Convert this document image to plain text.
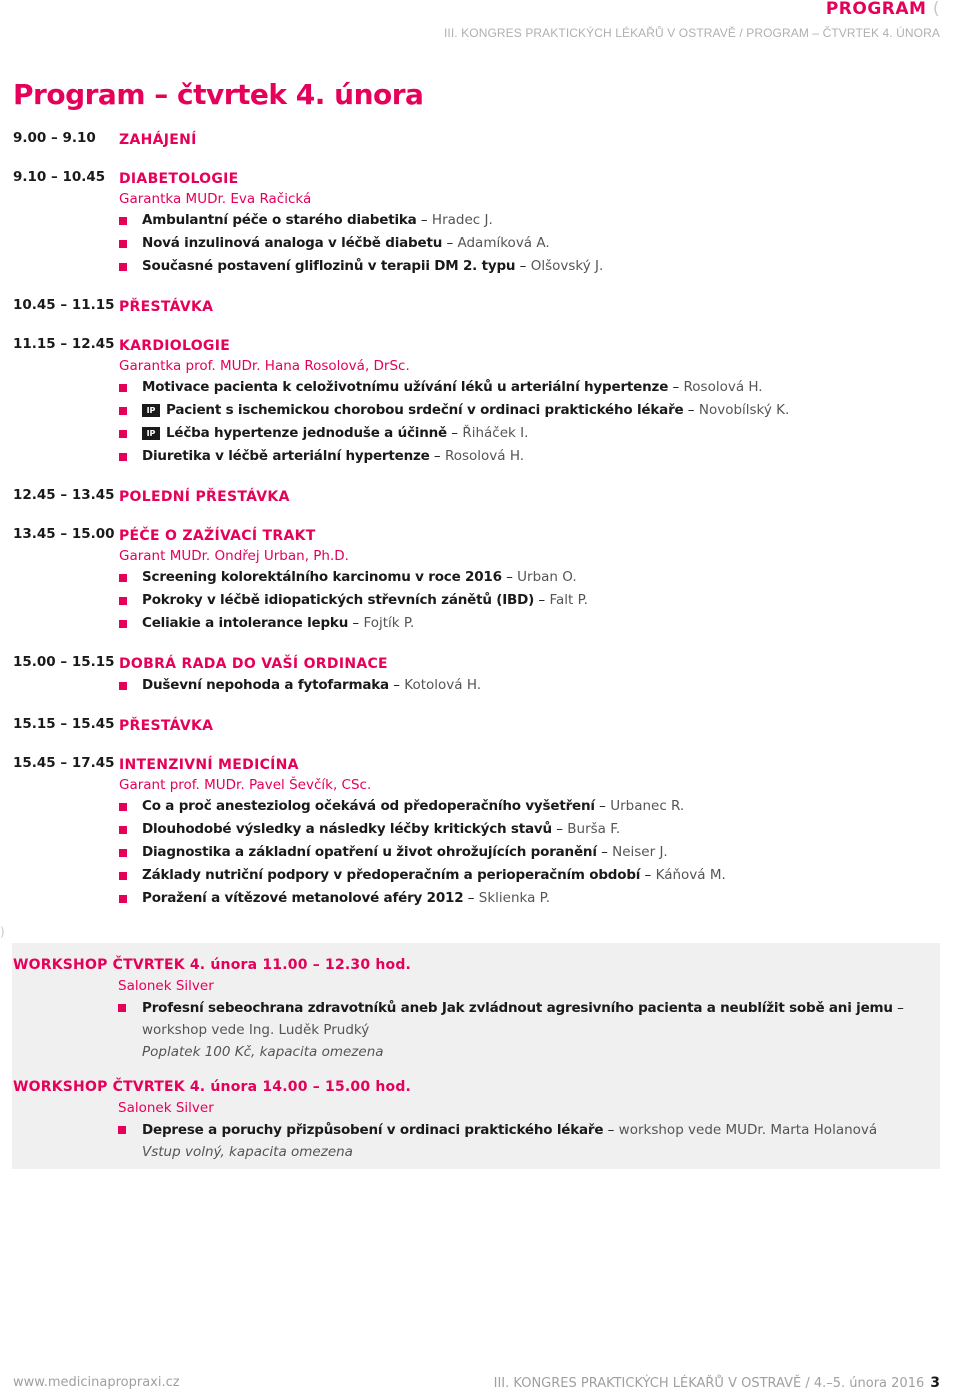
PROGRAM (
III. KONGRES PRAKTICKÝCH LÉKAŘŮ V OSTRAVĚ / PROGRAM – ČTVRTEK 4. ÚNORA
Program – čtvrtek 4. února
9.00 – 9.10 ZAHÁJENÍ
9.10 – 10.45 DIABETOLOGIE
Garantka MUDr. Eva Račická
Ambulantní péče o starého diabetika – Hradec J.
Nová inzulinová analoga v léčbě diabetu – Adamíková A.
Současné postavení gliflozinů v terapii DM 2. typu – Olšovský J.
10.45 – 11.15 PŘESTÁVKA
11.15 – 12.45 KARDIOLOGIE
Garantka prof. MUDr. Hana Rosolová, DrSc.
Motivace pacienta k celoživotnímu užívání léků u arteriální hypertenze – Rosolová H.
IP Pacient s ischemickou chorobou srdeční v ordinaci praktického lékaře – Novobílský K.
IP Léčba hypertenze jednoduše a účinně – Řiháček I.
Diuretika v léčbě arteriální hypertenze – Rosolová H.
12.45 – 13.45 POLEDNÍ PŘESTÁVKA
13.45 – 15.00 PÉČE O ZAŽÍVACÍ TRAKT
Garant MUDr. Ondřej Urban, Ph.D.
Screening kolorektálního karcinomu v roce 2016 – Urban O.
Pokroky v léčbě idiopatických střevních zánětů (IBD) – Falt P.
Celiakie a intolerance lepku – Fojtík P.
15.00 – 15.15 DOBRÁ RADA DO VAŠÍ ORDINACE
Duševní nepohoda a fytofarmaka – Kotolová H.
15.15 – 15.45 PŘESTÁVKA
15.45 – 17.45 INTENZIVNÍ MEDICÍNA
Garant prof. MUDr. Pavel Ševčík, CSc.
Co a proč anesteziolog očekává od předoperačního vyšetření – Urbanec R.
Dlouhodobé výsledky a následky léčby kritických stavů – Burša F.
Diagnostika a základní opatření u život ohrožujících poranění – Neiser J.
Základy nutriční podpory v předoperačním a perioperačním období – Káňová M.
Poražení a vítězové metanolové aféry 2012 – Sklienka P.
)
WORKSHOP ČTVRTEK 4. února 11.00 – 12.30 hod.
Salonek Silver
Profesní sebeochrana zdravotníků aneb Jak zvládnout agresivního pacienta a neublížit sobě ani jemu –
workshop vede Ing. Luděk Prudký
Poplatek 100 Kč, kapacita omezena
WORKSHOP ČTVRTEK 4. února 14.00 – 15.00 hod.
Salonek Silver
Deprese a poruchy přizpůsobení v ordinaci praktického lékaře – workshop vede MUDr. Marta Holanová
Vstup volný, kapacita omezena
www.medicinapropraxi.cz	III. KONGRES PRAKTICKÝCH LÉKAŘŮ V OSTRAVĚ / 4.–5. února 2016 3
